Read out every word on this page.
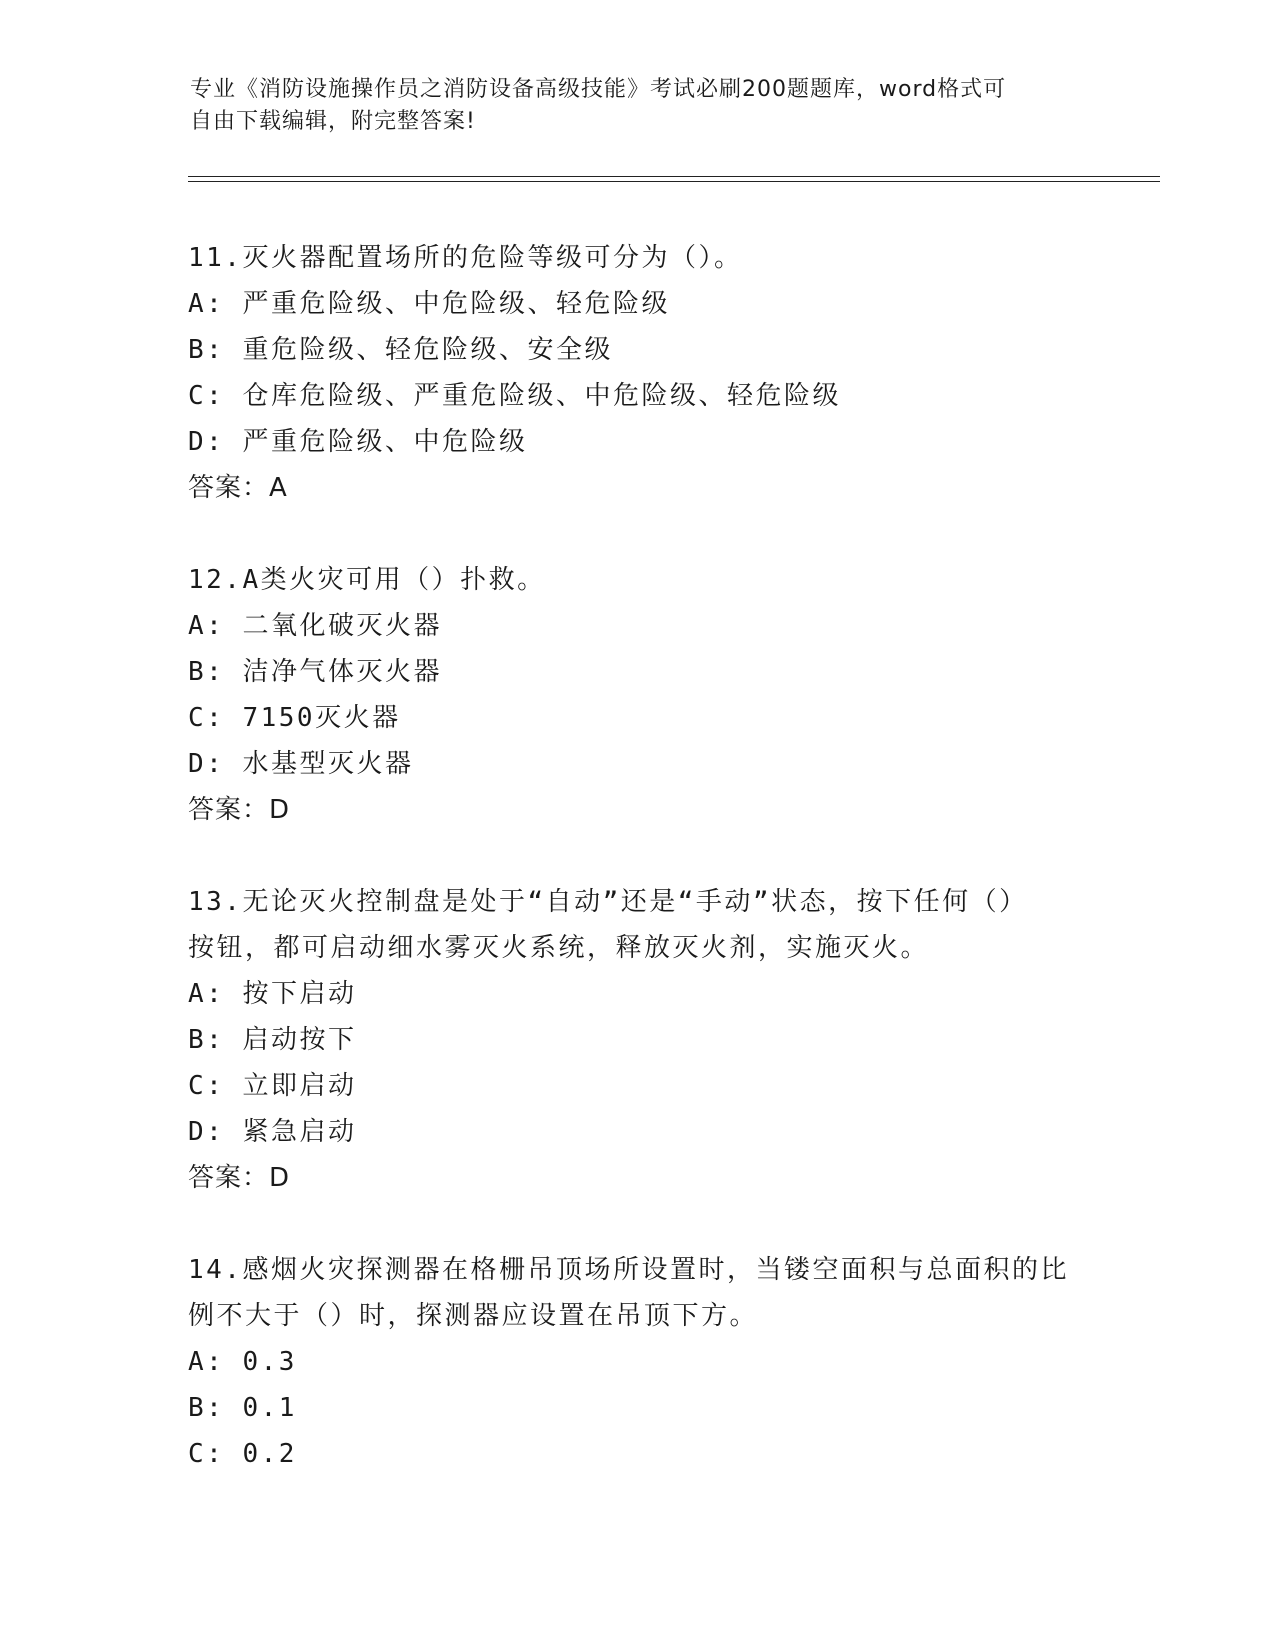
专业《消防设施操作员之消防设备高级技能》考试必刷200题题库，word格式可

自由下载编辑，附完整答案!

11.灭火器配置场所的危险等级可分为（）。

A: 严重危险级、中危险级、轻危险级

B: 重危险级、轻危险级、安全级

C: 仓库危险级、严重危险级、中危险级、轻危险级

D: 严重危险级、中危险级

答案：A

12.A类火灾可用（）扑救。

A: 二氧化破灭火器

B: 洁净气体灭火器

C: 7150灭火器

D: 水基型灭火器

答案：D

13.无论灭火控制盘是处于“自动”还是“手动”状态，按下任何（）

按钮，都可启动细水雾灭火系统，释放灭火剂，实施灭火。

A: 按下启动

B: 启动按下

C: 立即启动

D: 紧急启动

答案：D

14.感烟火灾探测器在格栅吊顶场所设置时，当镂空面积与总面积的比

例不大于（）时，探测器应设置在吊顶下方。

A: 0.3

B: 0.1

C: 0.2
